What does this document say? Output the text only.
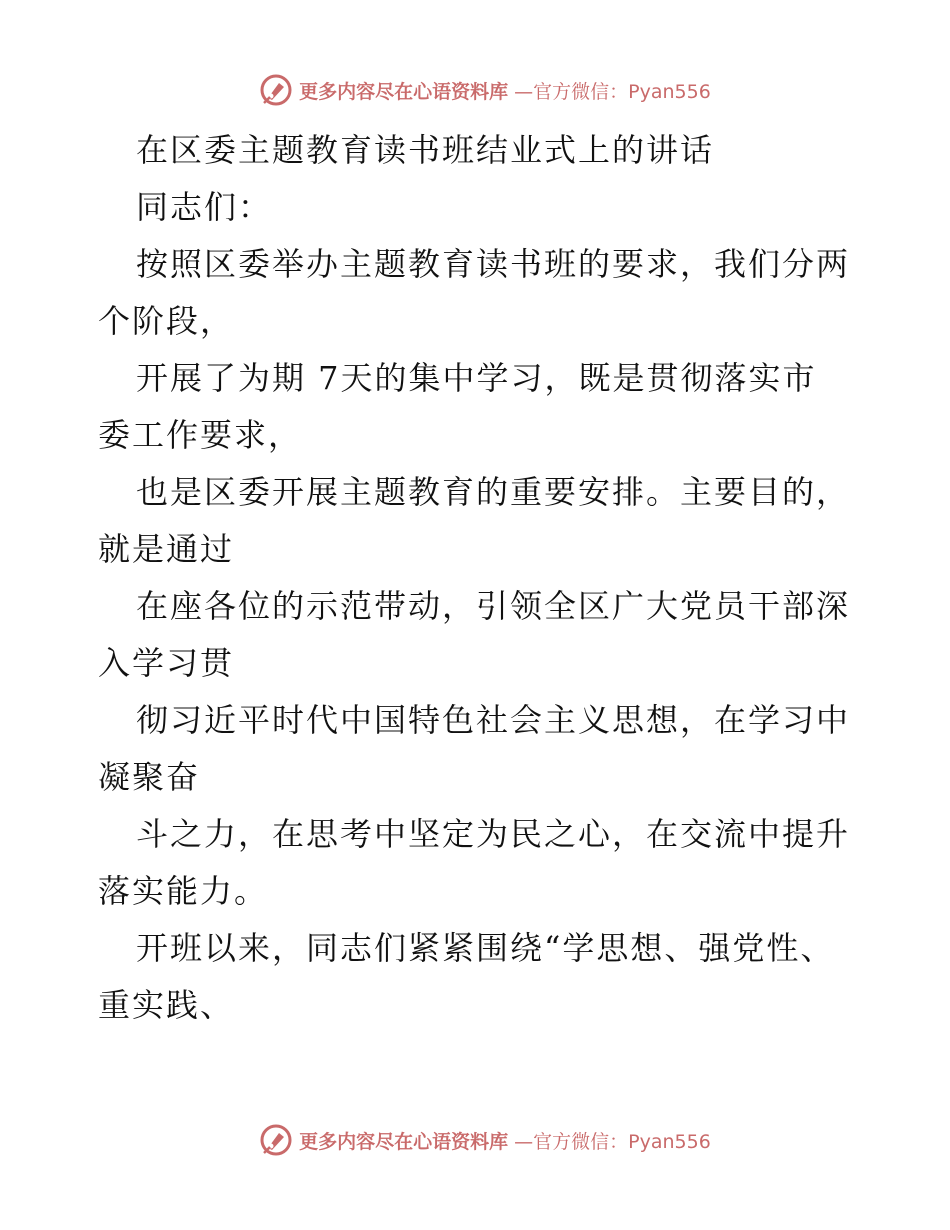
更多内容尽在心语资料库 —官方微信：Pyan556
在区委主题教育读书班结业式上的讲话
同志们：
按照区委举办主题教育读书班的要求，我们分两
个阶段，
开展了为期 7天的集中学习，既是贯彻落实市
委工作要求，
也是区委开展主题教育的重要安排。主要目的，
就是通过
在座各位的示范带动，引领全区广大党员干部深
入学习贯
彻习近平时代中国特色社会主义思想，在学习中
凝聚奋
斗之力，在思考中坚定为民之心，在交流中提升
落实能力。
开班以来，同志们紧紧围绕“学思想、强党性、
重实践、
更多内容尽在心语资料库 —官方微信：Pyan556
